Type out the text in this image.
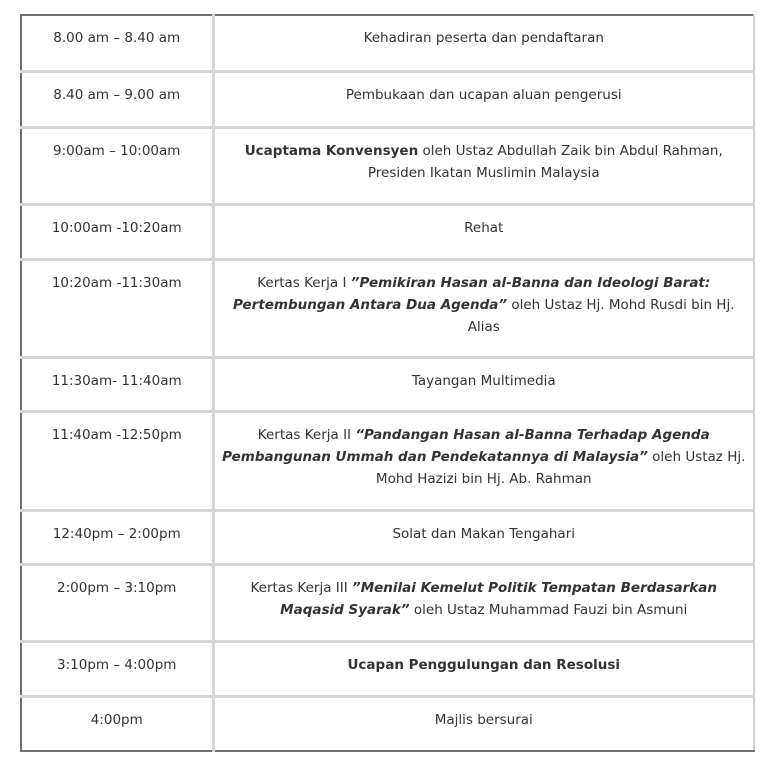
8.00 am – 8.40 am	Kehadiran peserta dan pendaftaran
8.40 am – 9.00 am	Pembukaan dan ucapan aluan pengerusi
9:00am – 10:00am	Ucaptama Konvensyen oleh Ustaz Abdullah Zaik bin Abdul Rahman, Presiden Ikatan Muslimin Malaysia
10:00am -10:20am	Rehat
10:20am -11:30am	Kertas Kerja I ”Pemikiran Hasan al-Banna dan Ideologi Barat: Pertembungan Antara Dua Agenda” oleh Ustaz Hj. Mohd Rusdi bin Hj. Alias
11:30am- 11:40am	Tayangan Multimedia
11:40am -12:50pm	Kertas Kerja II “Pandangan Hasan al-Banna Terhadap Agenda Pembangunan Ummah dan Pendekatannya di Malaysia” oleh Ustaz Hj. Mohd Hazizi bin Hj. Ab. Rahman
12:40pm – 2:00pm	Solat dan Makan Tengahari
2:00pm – 3:10pm	Kertas Kerja III ”Menilai Kemelut Politik Tempatan Berdasarkan Maqasid Syarak” oleh Ustaz Muhammad Fauzi bin Asmuni
3:10pm – 4:00pm	Ucapan Penggulungan dan Resolusi
4:00pm	Majlis bersurai
